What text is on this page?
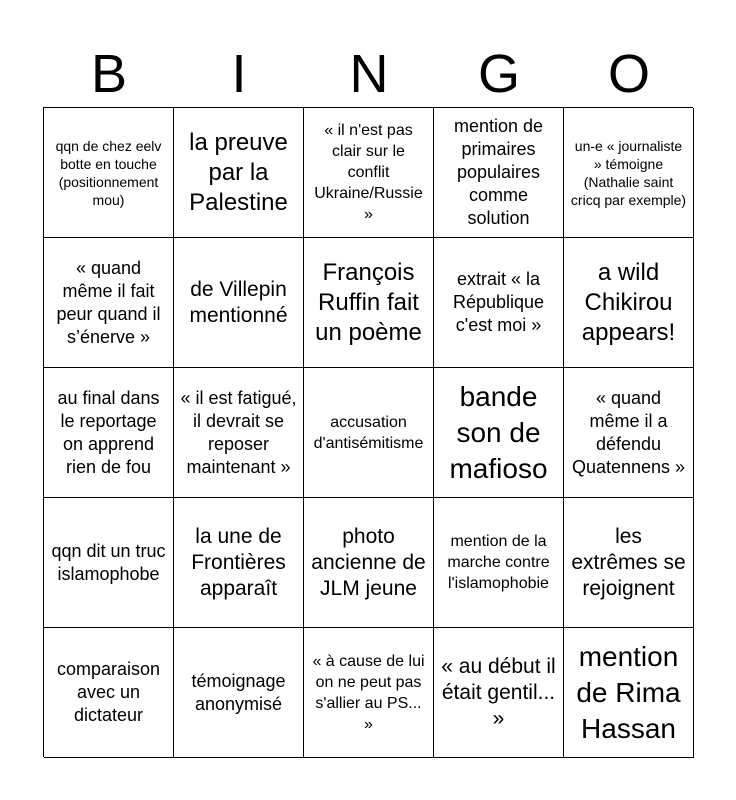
B	I	N	G	O
qqn de chez eelv botte en touche (positionnement mou)
la preuve par la Palestine
« il n'est pas clair sur le conflit Ukraine/Russie »
mention de primaires populaires comme solution
un-e « journaliste » témoigne (Nathalie saint cricq par exemple)
« quand même il fait peur quand il s’énerve »
de Villepin mentionné
François Ruffin fait un poème
extrait « la République c'est moi »
a wild Chikirou appears!
au final dans le reportage on apprend rien de fou
« il est fatigué, il devrait se reposer maintenant »
accusation d'antisémitisme
bande son de mafioso
« quand même il a défendu Quatennens »
qqn dit un truc islamophobe
la une de Frontières apparaît
photo ancienne de JLM jeune
mention de la marche contre l'islamophobie
les extrêmes se rejoignent
comparaison avec un dictateur
témoignage anonymisé
« à cause de lui on ne peut pas s'allier au PS... »
« au début il était gentil... »
mention de Rima Hassan
